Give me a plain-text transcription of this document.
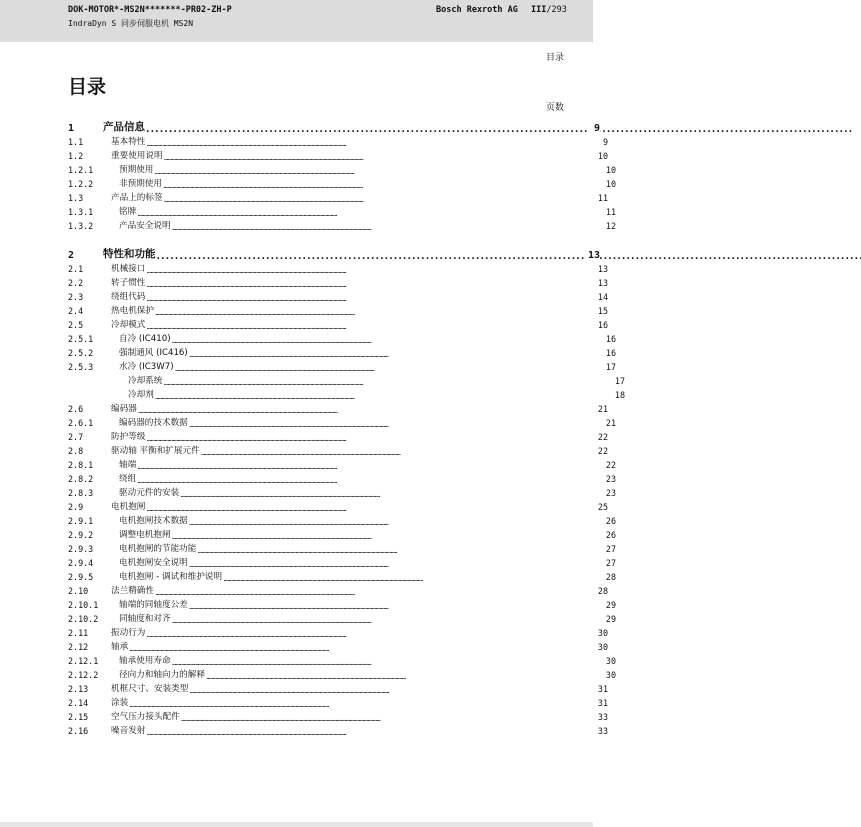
DOK-MOTOR*-MS2N*******-PR02-ZH-P
IndraDyn S 同步伺服电机 MS2N
Bosch Rexroth AG III/293
目录
目录
页数
1	产品信息 . . .	9
1.1	基本特性 . . .	9
1.2	重要使用说明 . . .	10
1.2.1	预期使用 . . .	10
1.2.2	非预期使用 . . .	10
1.3	产品上的标签 . . .	11
1.3.1	铭牌 . . .	11
1.3.2	产品安全说明 . . .	12
2	特性和功能 . . .	13
2.1	机械接口 . . .	13
2.2	转子惯性 . . .	13
2.3	绕组代码 . . .	14
2.4	热电机保护 . . .	15
2.5	冷却模式 . . .	16
2.5.1	自冷 (IC410) . . .	16
2.5.2	强制通风 (IC416) . . .	16
2.5.3	水冷 (IC3W7) . . .	17
冷却系统 . . .	17
冷却剂 . . .	18
2.6	编码器 . . .	21
2.6.1	编码器的技术数据 . . .	21
2.7	防护等级 . . .	22
2.8	驱动轴 平衡和扩展元件 . . .	22
2.8.1	轴端 . . .	22
2.8.2	绕组 . . .	23
2.8.3	驱动元件的安装 . . .	23
2.9	电机抱闸 . . .	25
2.9.1	电机抱闸技术数据 . . .	26
2.9.2	调整电机抱闸 . . .	26
2.9.3	电机抱闸的节能功能 . . .	27
2.9.4	电机抱闸安全说明 . . .	27
2.9.5	电机抱闸 - 调试和维护说明 . . .	28
2.10	法兰精确性 . . .	28
2.10.1 轴端的同轴度公差 . . .	29
2.10.2 同轴度和对齐 . . .	29
2.11	振动行为 . . .	30
2.12	轴承 . . .	30
2.12.1 轴承使用寿命 . . .	30
2.12.2 径向力和轴向力的解释 . . .	30
2.13	机框尺寸、安装类型 . . .	31
2.14	涂装 . . .	31
2.15	空气压力接头配件 . . .	33
2.16	噪音发射 . . .	33
